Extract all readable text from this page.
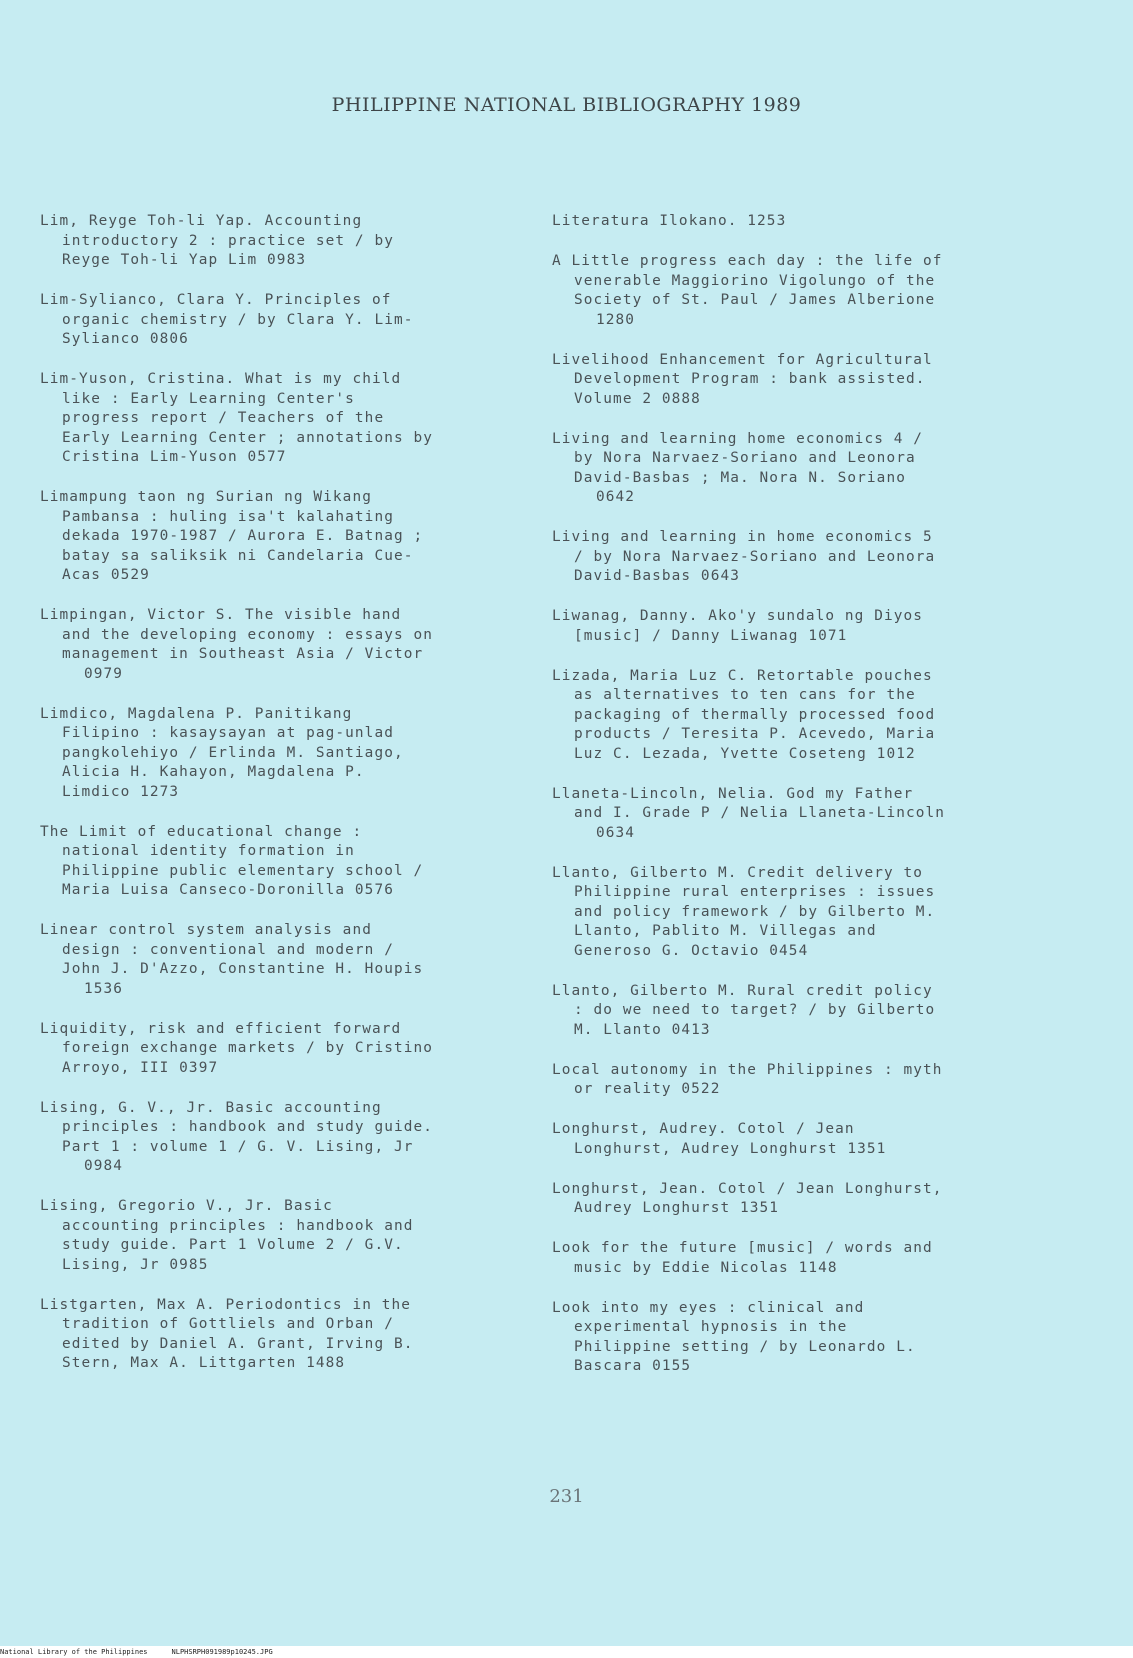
PHILIPPINE NATIONAL BIBLIOGRAPHY 1989
Lim, Reyge Toh-li Yap. Accounting
introductory 2 : practice set / by
Reyge Toh-li Yap Lim 0983
Lim-Sylianco, Clara Y. Principles of
organic chemistry / by Clara Y. Lim-
Sylianco 0806
Lim-Yuson, Cristina. What is my child
like : Early Learning Center's
progress report / Teachers of the
Early Learning Center ; annotations by
Cristina Lim-Yuson 0577
Limampung taon ng Surian ng Wikang
Pambansa : huling isa't kalahating
dekada 1970-1987 / Aurora E. Batnag ;
batay sa saliksik ni Candelaria Cue-
Acas 0529
Limpingan, Victor S. The visible hand
and the developing economy : essays on
management in Southeast Asia / Victor
0979
Limdico, Magdalena P. Panitikang
Filipino : kasaysayan at pag-unlad
pangkolehiyo / Erlinda M. Santiago,
Alicia H. Kahayon, Magdalena P.
Limdico 1273
The Limit of educational change :
national identity formation in
Philippine public elementary school /
Maria Luisa Canseco-Doronilla 0576
Linear control system analysis and
design : conventional and modern /
John J. D'Azzo, Constantine H. Houpis
1536
Liquidity, risk and efficient forward
foreign exchange markets / by Cristino
Arroyo, III 0397
Lising, G. V., Jr. Basic accounting
principles : handbook and study guide.
Part 1 : volume 1 / G. V. Lising, Jr
0984
Lising, Gregorio V., Jr. Basic
accounting principles : handbook and
study guide. Part 1 Volume 2 / G.V.
Lising, Jr 0985
Listgarten, Max A. Periodontics in the
tradition of Gottliels and Orban /
edited by Daniel A. Grant, Irving B.
Stern, Max A. Littgarten 1488
Literatura Ilokano. 1253
A Little progress each day : the life of
venerable Maggiorino Vigolungo of the
Society of St. Paul / James Alberione
1280
Livelihood Enhancement for Agricultural
Development Program : bank assisted.
Volume 2 0888
Living and learning home economics 4 /
by Nora Narvaez-Soriano and Leonora
David-Basbas ; Ma. Nora N. Soriano
0642
Living and learning in home economics 5
/ by Nora Narvaez-Soriano and Leonora
David-Basbas 0643
Liwanag, Danny. Ako'y sundalo ng Diyos
[music] / Danny Liwanag 1071
Lizada, Maria Luz C. Retortable pouches
as alternatives to ten cans for the
packaging of thermally processed food
products / Teresita P. Acevedo, Maria
Luz C. Lezada, Yvette Coseteng 1012
Llaneta-Lincoln, Nelia. God my Father
and I. Grade P / Nelia Llaneta-Lincoln
0634
Llanto, Gilberto M. Credit delivery to
Philippine rural enterprises : issues
and policy framework / by Gilberto M.
Llanto, Pablito M. Villegas and
Generoso G. Octavio 0454
Llanto, Gilberto M. Rural credit policy
: do we need to target? / by Gilberto
M. Llanto 0413
Local autonomy in the Philippines : myth
or reality 0522
Longhurst, Audrey. Cotol / Jean
Longhurst, Audrey Longhurst 1351
Longhurst, Jean. Cotol / Jean Longhurst,
Audrey Longhurst 1351
Look for the future [music] / words and
music by Eddie Nicolas 1148
Look into my eyes : clinical and
experimental hypnosis in the
Philippine setting / by Leonardo L.
Bascara 0155
231
National Library of the Philippines	NLPHSRPH091989p10245.JPG
